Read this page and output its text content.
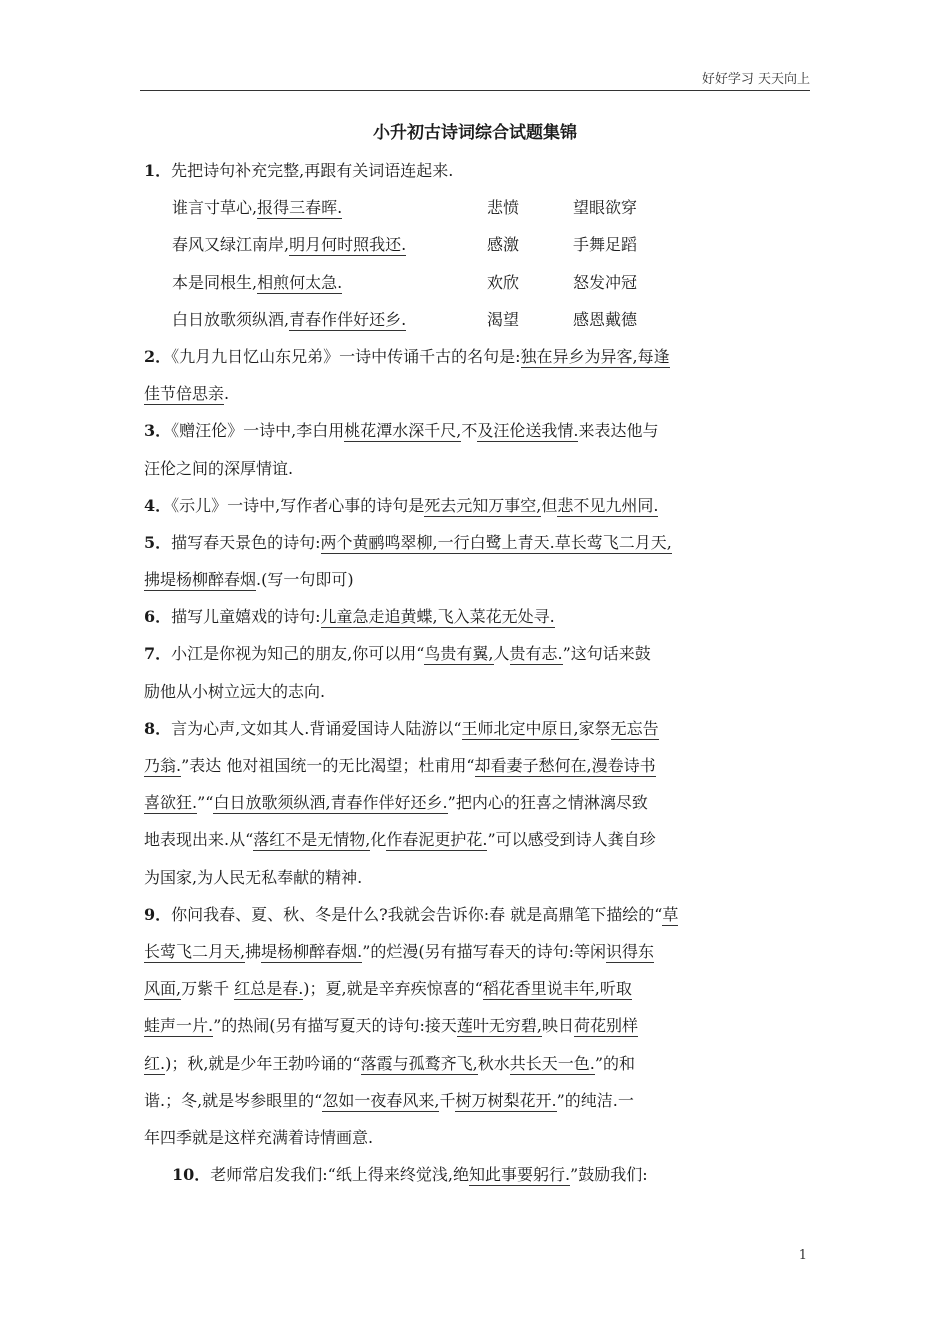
好好学习 天天向上
小升初古诗词综合试题集锦
1．先把诗句补充完整,再跟有关词语连起来.
谁言寸草心,报得三春晖.	悲愤	望眼欲穿
春风又绿江南岸,明月何时照我还.	感激	手舞足蹈
本是同根生,相煎何太急.	欢欣	怒发冲冠
白日放歌须纵酒,青春作伴好还乡.	渴望	感恩戴德
2．《九月九日忆山东兄弟》一诗中传诵千古的名句是:独在异乡为异客,每逢
佳节倍思亲.
3．《赠汪伦》一诗中,李白用桃花潭水深千尺,不及汪伦送我情.来表达他与
汪伦之间的深厚情谊.
4．《示儿》一诗中,写作者心事的诗句是死去元知万事空,但悲不见九州同.
5．描写春天景色的诗句:两个黄鹂鸣翠柳,一行白鹭上青天.草长莺飞二月天,
拂堤杨柳醉春烟.(写一句即可)
6．描写儿童嬉戏的诗句:儿童急走追黄蝶,飞入菜花无处寻.
7．小江是你视为知己的朋友,你可以用“鸟贵有翼,人贵有志.”这句话来鼓
励他从小树立远大的志向.
8．言为心声,文如其人.背诵爱国诗人陆游以“王师北定中原日,家祭无忘告
乃翁.”表达 他对祖国统一的无比渴望；杜甫用“却看妻子愁何在,漫卷诗书
喜欲狂.”“白日放歌须纵酒,青春作伴好还乡.”把内心的狂喜之情淋漓尽致
地表现出来.从“落红不是无情物,化作春泥更护花.”可以感受到诗人龚自珍
为国家,为人民无私奉献的精神.
9．你问我春、夏、秋、冬是什么?我就会告诉你:春 就是高鼎笔下描绘的“草
长莺飞二月天,拂堤杨柳醉春烟.”的烂漫(另有描写春天的诗句:等闲识得东
风面,万紫千 红总是春.)；夏,就是辛弃疾惊喜的“稻花香里说丰年,听取
蛙声一片.”的热闹(另有描写夏天的诗句:接天莲叶无穷碧,映日荷花别样
红.)；秋,就是少年王勃吟诵的“落霞与孤鹜齐飞,秋水共长天一色.”的和
谐.；冬,就是岑参眼里的“忽如一夜春风来,千树万树梨花开.”的纯洁.一
年四季就是这样充满着诗情画意.
10．老师常启发我们:“纸上得来终觉浅,绝知此事要躬行.”鼓励我们:
1
